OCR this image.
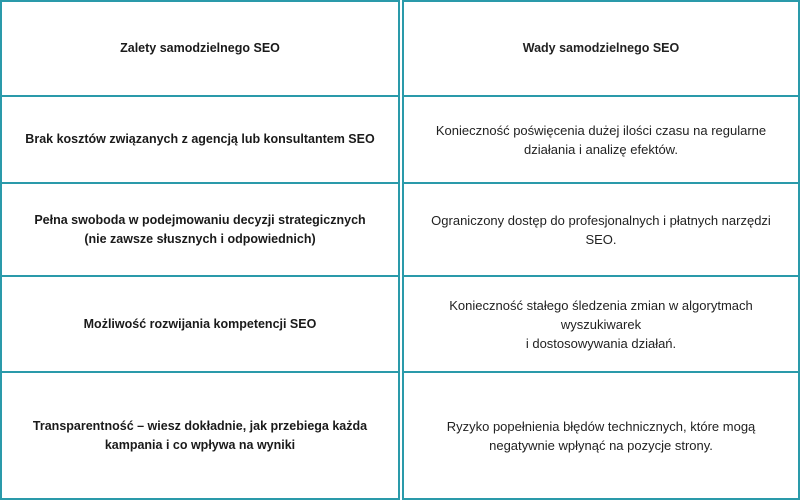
Zalety samodzielnego SEO
Brak kosztów związanych z agencją lub konsultantem SEO
Pełna swoboda w podejmowaniu decyzji strategicznych
(nie zawsze słusznych i odpowiednich)
Możliwość rozwijania kompetencji SEO
Transparentność – wiesz dokładnie, jak przebiega każda
kampania i co wpływa na wyniki
Wady samodzielnego SEO
Konieczność poświęcenia dużej ilości czasu na regularne
działania i analizę efektów.
Ograniczony dostęp do profesjonalnych i płatnych narzędzi
SEO.
Konieczność stałego śledzenia zmian w algorytmach
wyszukiwarek
i dostosowywania działań.
Ryzyko popełnienia błędów technicznych, które mogą
negatywnie wpłynąć na pozycje strony.
